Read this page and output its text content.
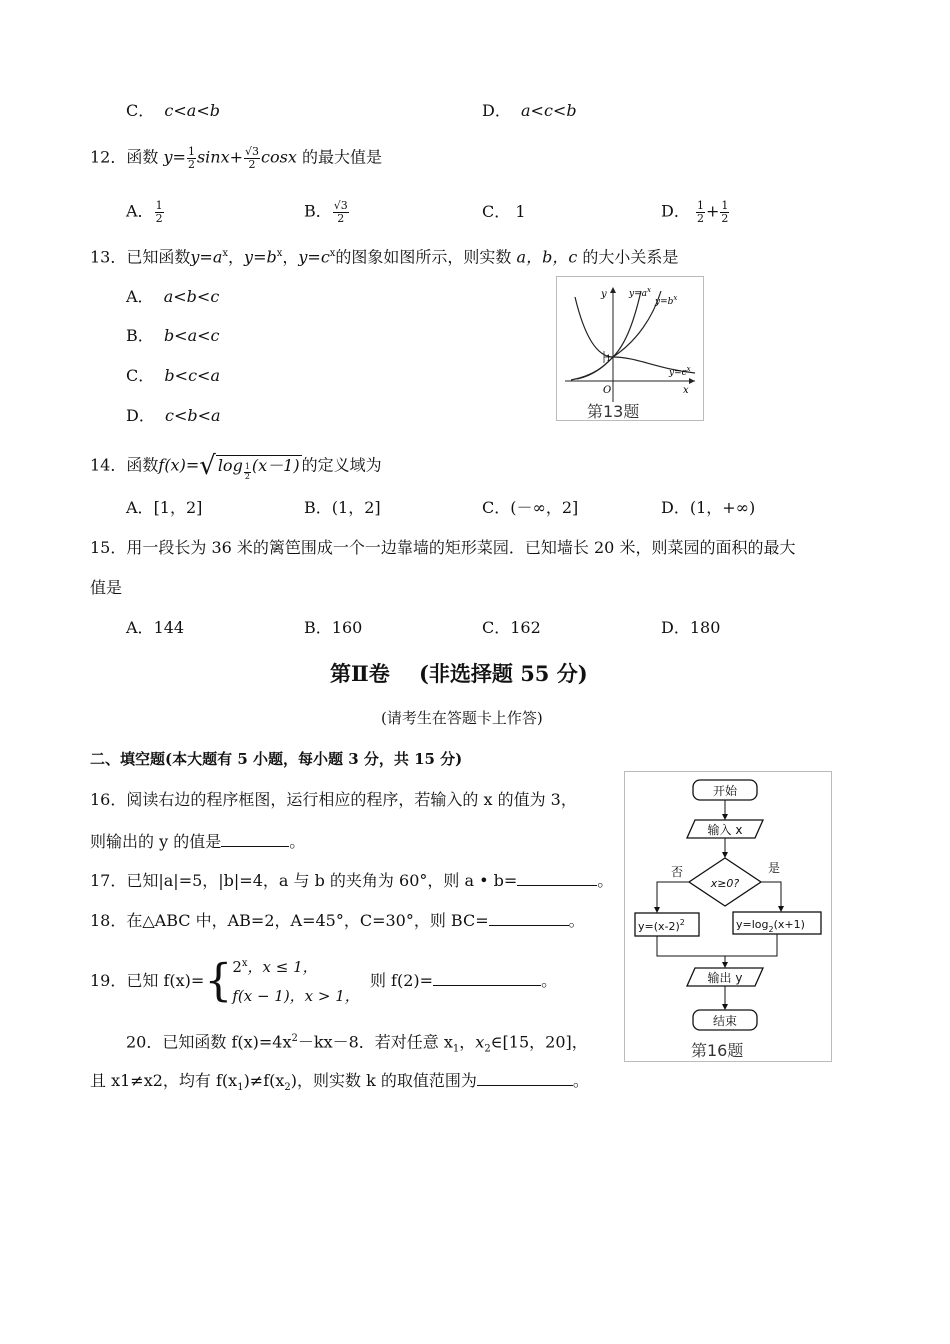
C． c<a<b	D． a<c<b
12．函数 $y= \frac{1}{2} \sin x+ \frac{√3}{2}$ cosx 的最大值是
A． $\frac{1}{2}$	B． $\frac{√3}{2}$	C． 1	D． $\frac{1}{2} + \frac{1}{2}$
13．已知函数$y=a^x$，$y=b^x$，$y=c^x$的图象如图所示，则实数 a，b，c 的大小关系是
A． a<b<c
B． b<a<c
C． b<c<a
D． c<b<a
y
x
O
1
$y=a^x$
$y=b^x$
$y=c^x$
第13题
14．函数f(x)=√ log $_{\frac{1}{2}}$ (x－1) 的定义域为
A．[1，2]	B．(1，2]	C．(－∞，2]	D．(1，+∞)
15．用一段长为 36 米的篱笆围成一个一边靠墙的矩形菜园．已知墙长 20 米，则菜园的面积的最大
值是
A．144	B．160	C．162	D．180
第Ⅱ卷 (非选择题 55 分)
(请考生在答题卡上作答)
二、填空题(本大题有 5 小题，每小题 3 分，共 15 分)
16．阅读右边的程序框图，运行相应的程序，若输入的 x 的值为 3，
则输出的 y 的值是	。
开始
输入 x
x≥0?
否	是
$y=(x-2)^2$	$y=\log_2(x+1)$
输出 y
结束
第16题
17．已知|a|=5，|b|=4，a 与 b 的夹角为 60°，则 a • b=	。
18．在△ABC 中，AB=2，A=45°，C=30°，则 BC=	。
19．已知 f(x)={ 2$^x$，x ≤ 1，
f(x − 1)，x > 1，
则 f(2)=	。
20．已知函数 $f(x)=4x^2-kx-8$．若对任意 $x_1$，$x_2\in[15$，20]，
且 x1≠x2，均有 $f(x_1)\ne f(x_2)$，则实数 k 的取值范围为	。
